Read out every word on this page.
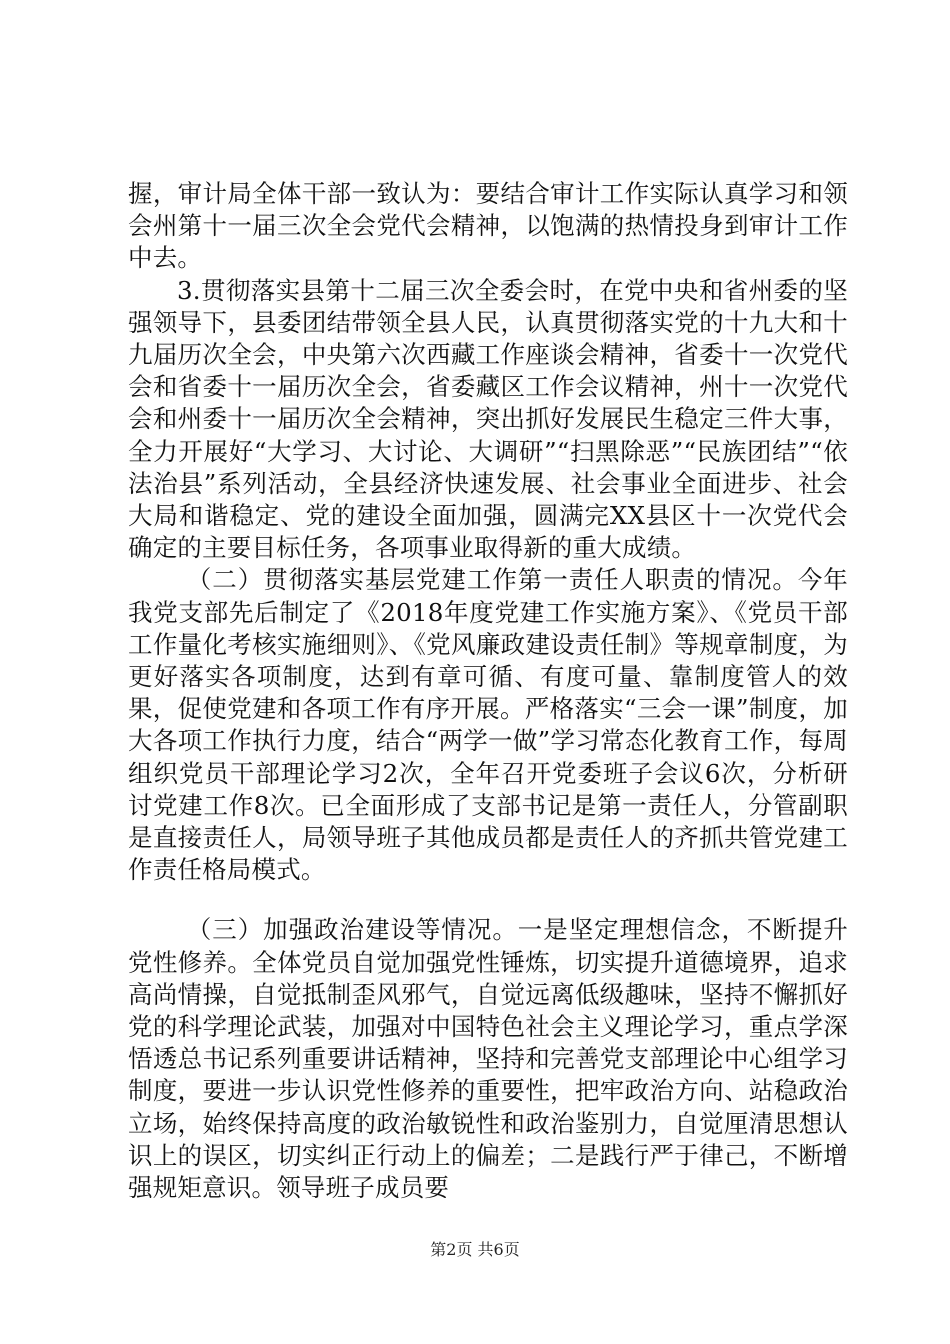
握，审计局全体干部一致认为：要结合审计工作实际认真学习和领会州第十一届三次全会党代会精神，以饱满的热情投身到审计工作中去。

3.贯彻落实县第十二届三次全委会时，在党中央和省州委的坚强领导下，县委团结带领全县人民，认真贯彻落实党的十九大和十九届历次全会，中央第六次西藏工作座谈会精神，省委十一次党代会和省委十一届历次全会，省委藏区工作会议精神，州十一次党代会和州委十一届历次全会精神，突出抓好发展民生稳定三件大事，全力开展好“大学习、大讨论、大调研”“扫黑除恶”“民族团结”“依法治县”系列活动，全县经济快速发展、社会事业全面进步、社会大局和谐稳定、党的建设全面加强，圆满完XX县区十一次党代会确定的主要目标任务，各项事业取得新的重大成绩。

（二）贯彻落实基层党建工作第一责任人职责的情况。今年我党支部先后制定了《2018年度党建工作实施方案》、《党员干部工作量化考核实施细则》、《党风廉政建设责任制》等规章制度，为更好落实各项制度，达到有章可循、有度可量、靠制度管人的效果，促使党建和各项工作有序开展。严格落实“三会一课”制度，加大各项工作执行力度，结合“两学一做”学习常态化教育工作，每周组织党员干部理论学习2次，全年召开党委班子会议6次，分析研讨党建工作8次。已全面形成了支部书记是第一责任人，分管副职是直接责任人，局领导班子其他成员都是责任人的齐抓共管党建工作责任格局模式。

（三）加强政治建设等情况。一是坚定理想信念，不断提升党性修养。全体党员自觉加强党性锤炼，切实提升道德境界，追求高尚情操，自觉抵制歪风邪气，自觉远离低级趣味，坚持不懈抓好党的科学理论武装，加强对中国特色社会主义理论学习，重点学深悟透总书记系列重要讲话精神，坚持和完善党支部理论中心组学习制度，要进一步认识党性修养的重要性，把牢政治方向、站稳政治立场，始终保持高度的政治敏锐性和政治鉴别力，自觉厘清思想认识上的误区，切实纠正行动上的偏差；二是践行严于律己，不断增强规矩意识。领导班子成员要

第2页 共6页
